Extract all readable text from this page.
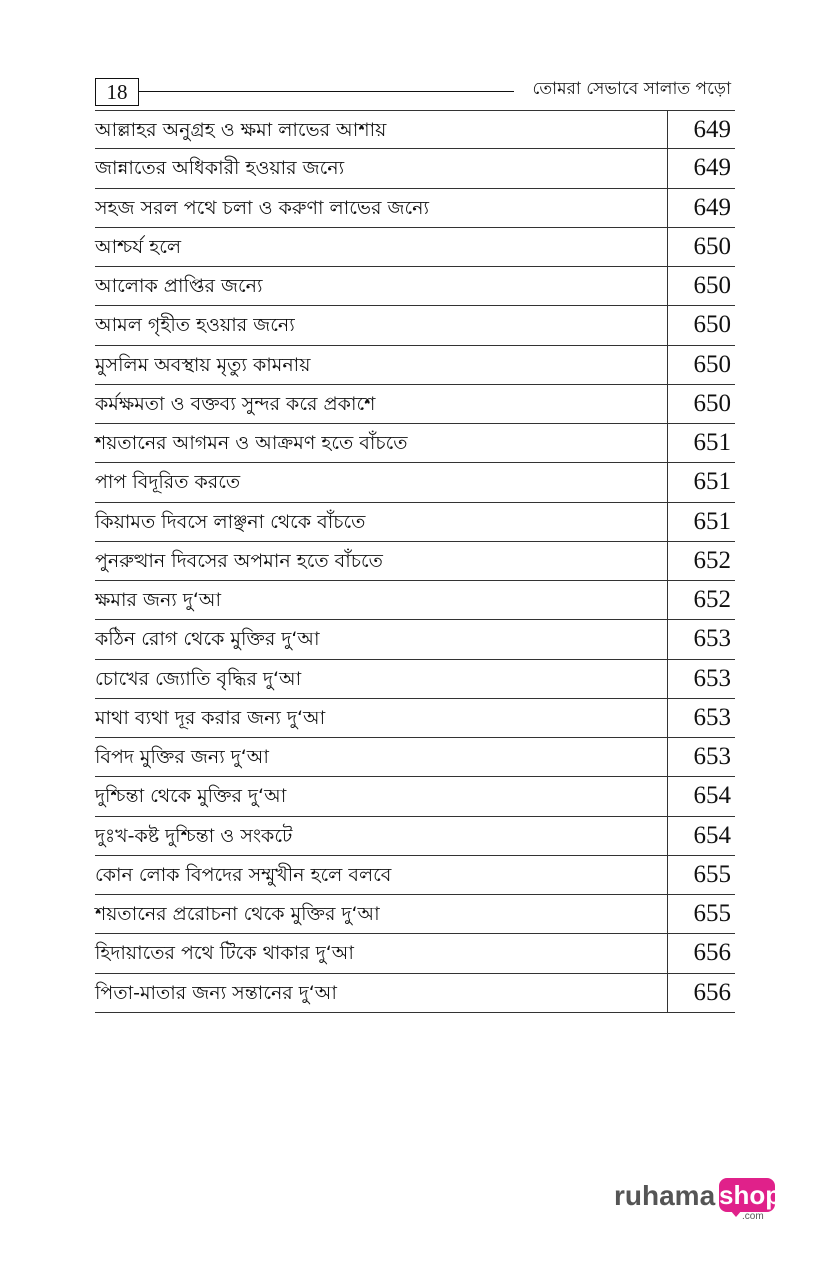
18	তোমরা সেভাবে সালাত পড়ো
আল্লাহর অনুগ্রহ ও ক্ষমা লাভের আশায়	649
জান্নাতের অধিকারী হওয়ার জন্যে	649
সহজ সরল পথে চলা ও করুণা লাভের জন্যে	649
আশ্চর্য হলে	650
আলোক প্রাপ্তির জন্যে	650
আমল গৃহীত হওয়ার জন্যে	650
মুসলিম অবস্থায় মৃত্যু কামনায়	650
কর্মক্ষমতা ও বক্তব্য সুন্দর করে প্রকাশে	650
শয়তানের আগমন ও আক্রমণ হতে বাঁচতে	651
পাপ বিদূরিত করতে	651
কিয়ামত দিবসে লাঞ্ছনা থেকে বাঁচতে	651
পুনরুত্থান দিবসের অপমান হতে বাঁচতে	652
ক্ষমার জন্য দু‘আ	652
কঠিন রোগ থেকে মুক্তির দু‘আ	653
চোখের জ্যোতি বৃদ্ধির দু‘আ	653
মাথা ব্যথা দূর করার জন্য দু‘আ	653
বিপদ মুক্তির জন্য দু‘আ	653
দুশ্চিন্তা থেকে মুক্তির দু‘আ	654
দুঃখ-কষ্ট দুশ্চিন্তা ও সংকটে	654
কোন লোক বিপদের সম্মুখীন হলে বলবে	655
শয়তানের প্ররোচনা থেকে মুক্তির দু‘আ	655
হিদায়াতের পথে টিকে থাকার দু‘আ	656
পিতা-মাতার জন্য সন্তানের দু‘আ	656
ruhama shop
.com
